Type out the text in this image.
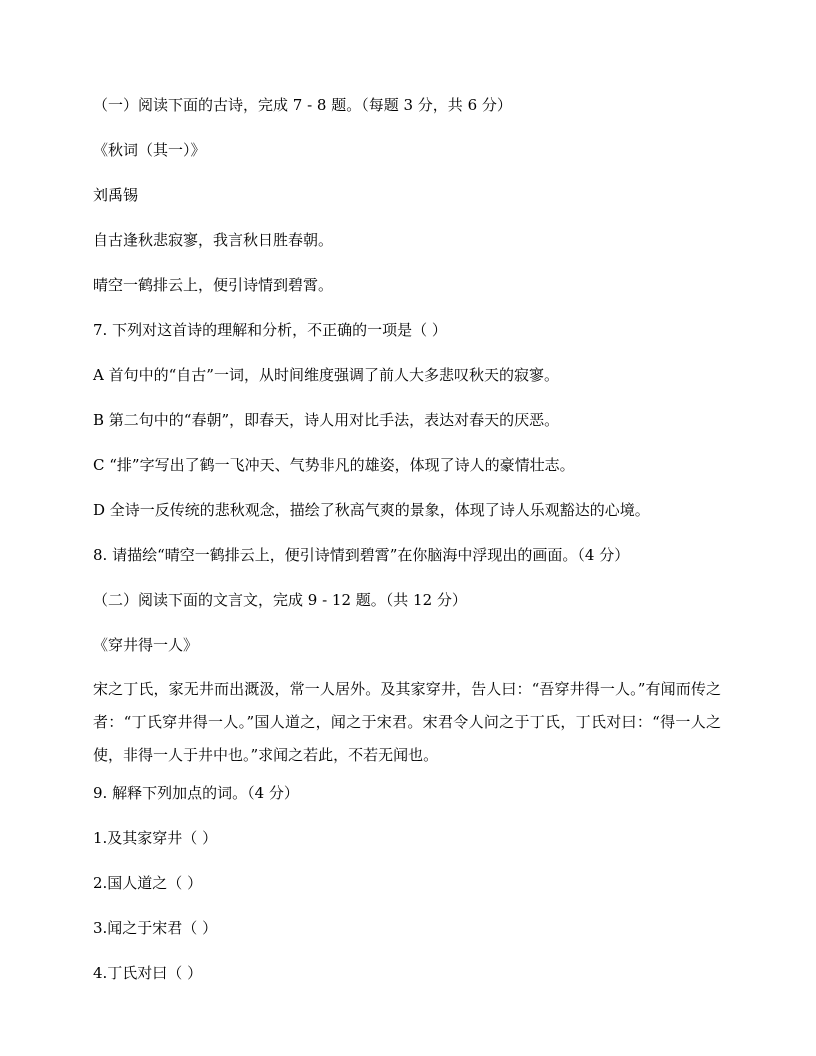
（一）阅读下面的古诗，完成 7 - 8 题。（每题 3 分，共 6 分）
《秋词（其一）》
刘禹锡
自古逢秋悲寂寥，我言秋日胜春朝。
晴空一鹤排云上，便引诗情到碧霄。
7. 下列对这首诗的理解和分析，不正确的一项是（ ）
A 首句中的“自古”一词，从时间维度强调了前人大多悲叹秋天的寂寥。
B 第二句中的“春朝”，即春天，诗人用对比手法，表达对春天的厌恶。
C “排”字写出了鹤一飞冲天、气势非凡的雄姿，体现了诗人的豪情壮志。
D 全诗一反传统的悲秋观念，描绘了秋高气爽的景象，体现了诗人乐观豁达的心境。
8. 请描绘“晴空一鹤排云上，便引诗情到碧霄”在你脑海中浮现出的画面。（4 分）
（二）阅读下面的文言文，完成 9 - 12 题。（共 12 分）
《穿井得一人》
宋之丁氏，家无井而出溉汲，常一人居外。及其家穿井，告人曰：“吾穿井得一人。”有闻而传之者：“丁氏穿井得一人。”国人道之，闻之于宋君。宋君令人问之于丁氏，丁氏对曰：“得一人之使，非得一人于井中也。”求闻之若此，不若无闻也。
9. 解释下列加点的词。（4 分）
1.及其家穿井（ ）
2.国人道之（ ）
3.闻之于宋君（ ）
4.丁氏对曰（ ）
